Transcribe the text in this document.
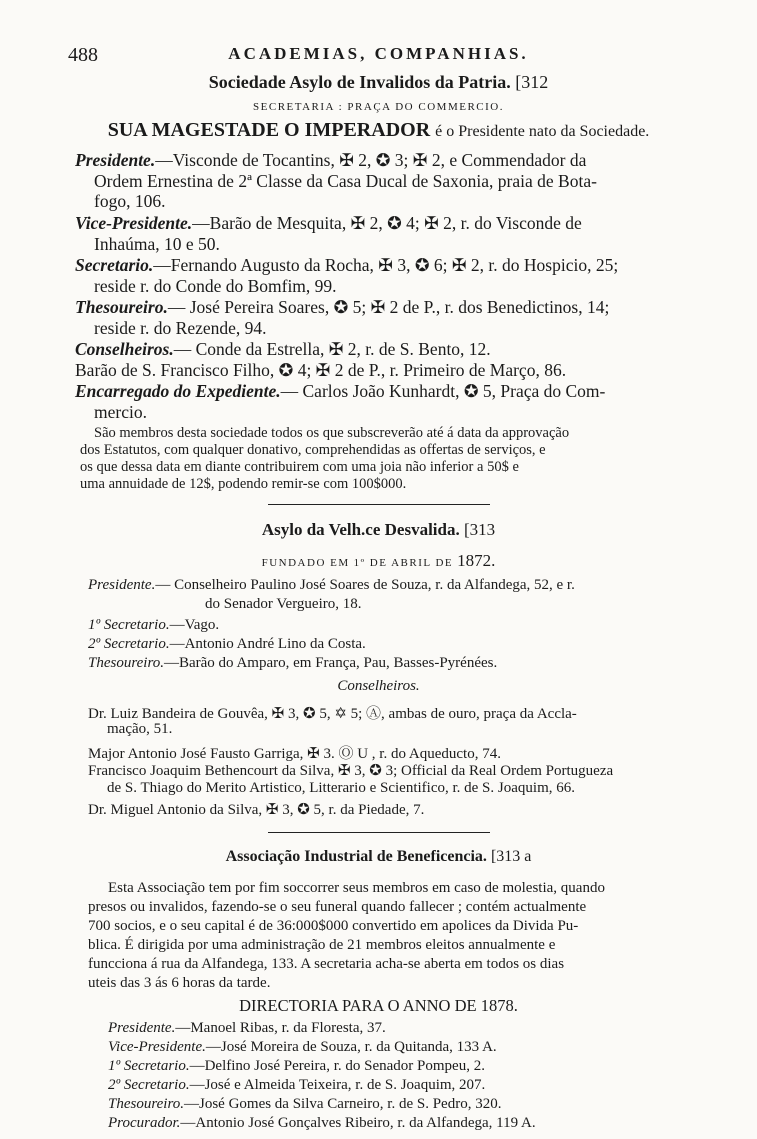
488	ACADEMIAS, COMPANHIAS.
Sociedade Asylo de Invalidos da Patria. [312
SECRETARIA : PRAÇA DO COMMERCIO.
SUA MAGESTADE O IMPERADOR é o Presidente nato da Sociedade.
Presidente.—Visconde de Tocantins, ✠ 2, ✪ 3; ✠ 2, e Commendador da
Ordem Ernestina de 2ª Classe da Casa Ducal de Saxonia, praia de Bota-
fogo, 106.
Vice-Presidente.—Barão de Mesquita, ✠ 2, ✪ 4; ✠ 2, r. do Visconde de
Inhaúma, 10 e 50.
Secretario.—Fernando Augusto da Rocha, ✠ 3, ✪ 6; ✠ 2, r. do Hospicio, 25;
reside r. do Conde do Bomfim, 99.
Thesoureiro.— José Pereira Soares, ✪ 5; ✠ 2 de P., r. dos Benedictinos, 14;
reside r. do Rezende, 94.
Conselheiros.— Conde da Estrella, ✠ 2, r. de S. Bento, 12.
Barão de S. Francisco Filho, ✪ 4; ✠ 2 de P., r. Primeiro de Março, 86.
Encarregado do Expediente.— Carlos João Kunhardt, ✪ 5, Praça do Com-
mercio.
São membros desta sociedade todos os que subscreverão até á data da approvação
dos Estatutos, com qualquer donativo, comprehendidas as offertas de serviços, e
os que dessa data em diante contribuirem com uma joia não inferior a 50$ e
uma annuidade de 12$, podendo remir-se com 100$000.
Asylo da Velh.ce Desvalida. [313
FUNDADO EM 1º DE ABRIL DE 1872.
Presidente.— Conselheiro Paulino José Soares de Souza, r. da Alfandega, 52, e r.
do Senador Vergueiro, 18.
1º Secretario.—Vago.
2º Secretario.—Antonio André Lino da Costa.
Thesoureiro.—Barão do Amparo, em França, Pau, Basses-Pyrénées.
Conselheiros.
Dr. Luiz Bandeira de Gouvêa, ✠ 3, ✪ 5, ✡ 5; Ⓐ, ambas de ouro, praça da Accla-
mação, 51.
Major Antonio José Fausto Garriga, ✠ 3. Ⓞ U , r. do Aqueducto, 74.
Francisco Joaquim Bethencourt da Silva, ✠ 3, ✪ 3; Official da Real Ordem Portugueza
de S. Thiago do Merito Artistico, Litterario e Scientifico, r. de S. Joaquim, 66.
Dr. Miguel Antonio da Silva, ✠ 3, ✪ 5, r. da Piedade, 7.
Associação Industrial de Beneficencia. [313 a
Esta Associação tem por fim soccorrer seus membros em caso de molestia, quando
presos ou invalidos, fazendo-se o seu funeral quando fallecer ; contém actualmente
700 socios, e o seu capital é de 36:000$000 convertido em apolices da Divida Pu-
blica. É dirigida por uma administração de 21 membros eleitos annualmente e
funcciona á rua da Alfandega, 133. A secretaria acha-se aberta em todos os dias
uteis das 3 ás 6 horas da tarde.
DIRECTORIA PARA O ANNO DE 1878.
Presidente.—Manoel Ribas, r. da Floresta, 37.
Vice-Presidente.—José Moreira de Souza, r. da Quitanda, 133 A.
1º Secretario.—Delfino José Pereira, r. do Senador Pompeu, 2.
2º Secretario.—José e Almeida Teixeira, r. de S. Joaquim, 207.
Thesoureiro.—José Gomes da Silva Carneiro, r. de S. Pedro, 320.
Procurador.—Antonio José Gonçalves Ribeiro, r. da Alfandega, 119 A.
